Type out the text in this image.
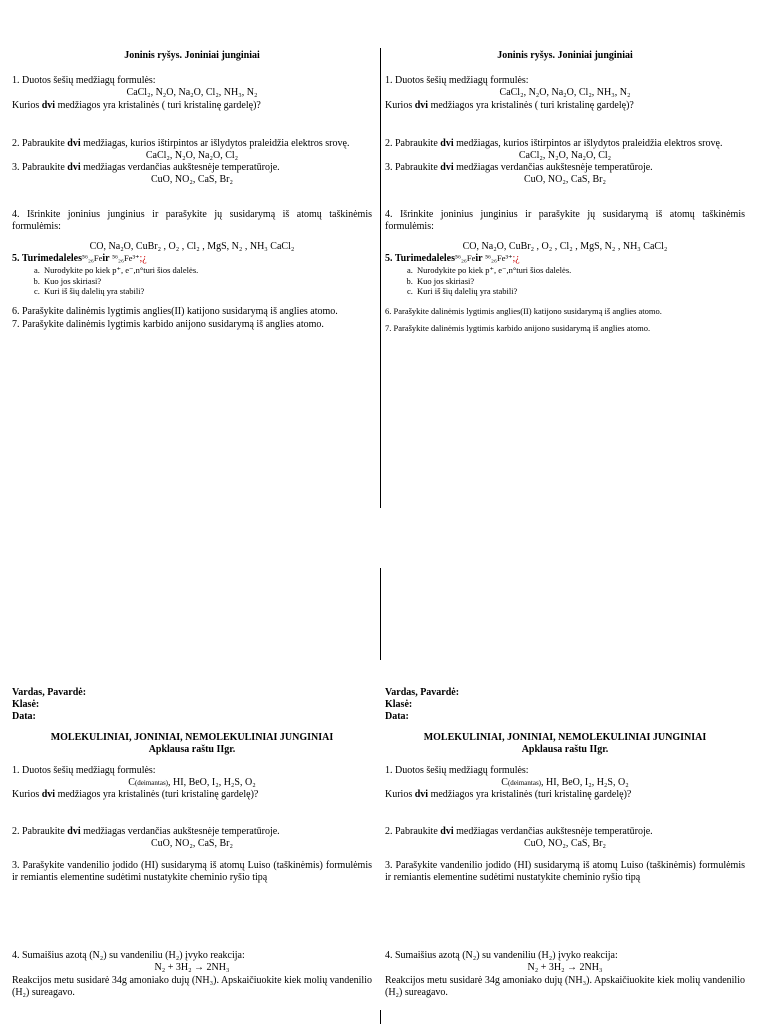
Joninis ryšys. Joniniai junginiai
1. Duotos šešių medžiagų formulės:
CaCl₂, N₂O, Na₂O, Cl₂, NH₃, N₂
Kurios dvi medžiagos yra kristalinės ( turi kristalinę gardelę)?
2. Pabraukite dvi medžiagas, kurios ištirpintos ar išlydytos praleidžia elektros srovę.
CaCl₂, N₂O, Na₂O, Cl₂
3. Pabraukite dvi medžiagas verdančias aukštesnėje temperatūroje.
CuO, NO₂, CaS, Br₂
4. Išrinkite joninius junginius ir parašykite jų susidarymą iš atomų taškinėmis formulėmis:
CO, Na₂O, CuBr₂ , O₂ , Cl₂ , MgS, N₂ , NH₃ CaCl₂
5. Turimedaleles⁵⁶₂₆Feir ⁵⁶₂₆Fe³⁺;¿
a. Nurodykite po kiek p⁺, e⁻,n°turi šios dalelės.
b. Kuo jos skiriasi?
c. Kuri iš šių dalelių yra stabili?
6. Parašykite dalinėmis lygtimis anglies(II) katijono susidarymą iš anglies atomo.
7. Parašykite dalinėmis lygtimis karbido anijono susidarymą iš anglies atomo.
Joninis ryšys. Joniniai junginiai
1. Duotos šešių medžiagų formulės:
CaCl₂, N₂O, Na₂O, Cl₂, NH₃, N₂
Kurios dvi medžiagos yra kristalinės ( turi kristalinę gardelę)?
2. Pabraukite dvi medžiagas, kurios ištirpintos ar išlydytos praleidžia elektros srovę.
CaCl₂, N₂O, Na₂O, Cl₂
3. Pabraukite dvi medžiagas verdančias aukštesnėje temperatūroje.
CuO, NO₂, CaS, Br₂
4. Išrinkite joninius junginius ir parašykite jų susidarymą iš atomų taškinėmis formulėmis:
CO, Na₂O, CuBr₂ , O₂ , Cl₂ , MgS, N₂ , NH₃ CaCl₂
5. Turimedaleles⁵⁶₂₆Feir ⁵⁶₂₆Fe³⁺;¿
a. Nurodykite po kiek p⁺, e⁻,n°turi šios dalelės.
b. Kuo jos skiriasi?
c. Kuri iš šių dalelių yra stabili?
6. Parašykite dalinėmis lygtimis anglies(II) katijono susidarymą iš anglies atomo.
7. Parašykite dalinėmis lygtimis karbido anijono susidarymą iš anglies atomo.
Vardas, Pavardė:
Klasė:
Data:
MOLEKULINIAI, JONINIAI, NEMOLEKULINIAI JUNGINIAI
Apklausa raštu IIgr.
1. Duotos šešių medžiagų formulės:
C(deimantas), HI, BeO, I₂, H₂S, O₂
Kurios dvi medžiagos yra kristalinės (turi kristalinę gardelę)?
2. Pabraukite dvi medžiagas verdančias aukštesnėje temperatūroje.
CuO, NO₂, CaS, Br₂
3. Parašykite vandenilio jodido (HI) susidarymą iš atomų Luiso (taškinėmis) formulėmis ir remiantis elementine sudėtimi nustatykite cheminio ryšio tipą
4. Sumaišius azotą (N₂) su vandeniliu (H₂) įvyko reakcija:
N₂ + 3H₂ → 2NH₃
Reakcijos metu susidarė 34g amoniako dujų (NH₃). Apskaičiuokite kiek molių vandenilio (H₂) sureagavo.
Vardas, Pavardė:
Klasė:
Data:
MOLEKULINIAI, JONINIAI, NEMOLEKULINIAI JUNGINIAI
Apklausa raštu IIgr.
1. Duotos šešių medžiagų formulės:
C(deimantas), HI, BeO, I₂, H₂S, O₂
Kurios dvi medžiagos yra kristalinės (turi kristalinę gardelę)?
2. Pabraukite dvi medžiagas verdančias aukštesnėje temperatūroje.
CuO, NO₂, CaS, Br₂
3. Parašykite vandenilio jodido (HI) susidarymą iš atomų Luiso (taškinėmis) formulėmis ir remiantis elementine sudėtimi nustatykite cheminio ryšio tipą
4. Sumaišius azotą (N₂) su vandeniliu (H₂) įvyko reakcija:
N₂ + 3H₂ → 2NH₃
Reakcijos metu susidarė 34g amoniako dujų (NH₃). Apskaičiuokite kiek molių vandenilio (H₂) sureagavo.
